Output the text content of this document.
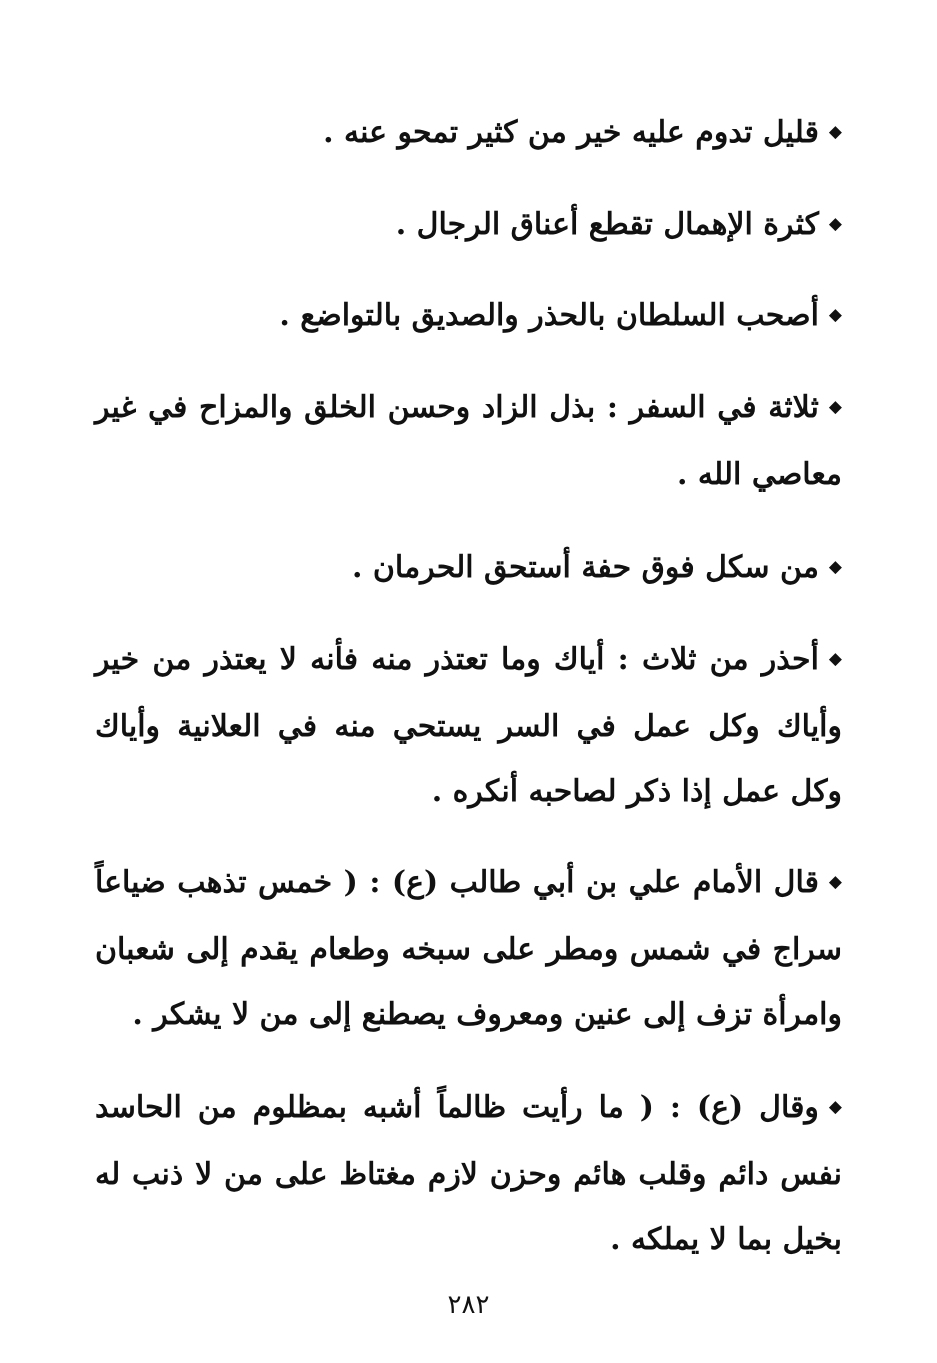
◆قليل تدوم عليه خير من كثير تمحو عنه .

◆كثرة الإهمال تقطع أعناق الرجال .

◆أصحب السلطان بالحذر والصديق بالتواضع .

◆ثلاثة في السفر : بذل الزاد وحسن الخلق والمزاح في غير معاصي الله .

◆من سكل فوق حفة أستحق الحرمان .

◆أحذر من ثلاث : أياك وما تعتذر منه فأنه لا يعتذر من خير وأياك وكل عمل في السر يستحي منه في العلانية وأياك وكل عمل إذا ذكر لصاحبه أنكره .

◆قال الأمام علي بن أبي طالب (ع) : ( خمس تذهب ضياعاً سراج في شمس ومطر على سبخه وطعام يقدم إلى شعبان وامرأة تزف إلى عنين ومعروف يصطنع إلى من لا يشكر .

◆وقال (ع) : ( ما رأيت ظالماً أشبه بمظلوم من الحاسد نفس دائم وقلب هائم وحزن لازم مغتاظ على من لا ذنب له بخيل بما لا يملكه .

٢٨٢
